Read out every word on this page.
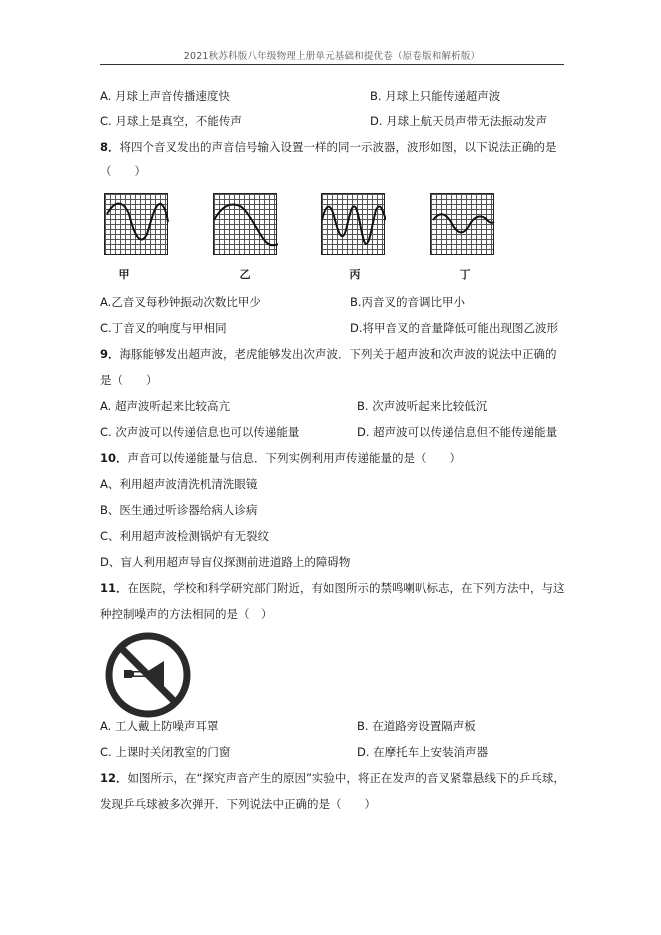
2021秋苏科版八年级物理上册单元基础和提优卷（原卷版和解析版）
A. 月球上声音传播速度快	B. 月球上只能传递超声波
C. 月球上是真空，不能传声	D. 月球上航天员声带无法振动发声
8．将四个音叉发出的声音信号输入设置一样的同一示波器，波形如图，以下说法正确的是
（　　）
甲	乙	丙	丁
A.乙音叉每秒钟振动次数比甲少	B.丙音叉的音调比甲小
C.丁音叉的响度与甲相同	D.将甲音叉的音量降低可能出现图乙波形
9．海豚能够发出超声波，老虎能够发出次声波．下列关于超声波和次声波的说法中正确的
是（　　）
A. 超声波听起来比较高亢	B. 次声波听起来比较低沉
C. 次声波可以传递信息也可以传递能量	D. 超声波可以传递信息但不能传递能量
10．声音可以传递能量与信息．下列实例利用声传递能量的是（　　）
A、利用超声波清洗机清洗眼镜
B、医生通过听诊器给病人诊病
C、利用超声波检测锅炉有无裂纹
D、盲人利用超声导盲仪探测前进道路上的障碍物
11．在医院，学校和科学研究部门附近，有如图所示的禁鸣喇叭标志，在下列方法中，与这
种控制噪声的方法相同的是（　）
A. 工人戴上防噪声耳罩	B. 在道路旁设置隔声板
C. 上课时关闭教室的门窗	D. 在摩托车上安装消声器
12．如图所示，在“探究声音产生的原因”实验中，将正在发声的音叉紧靠悬线下的乒乓球，
发现乒乓球被多次弹开．下列说法中正确的是（　　）
